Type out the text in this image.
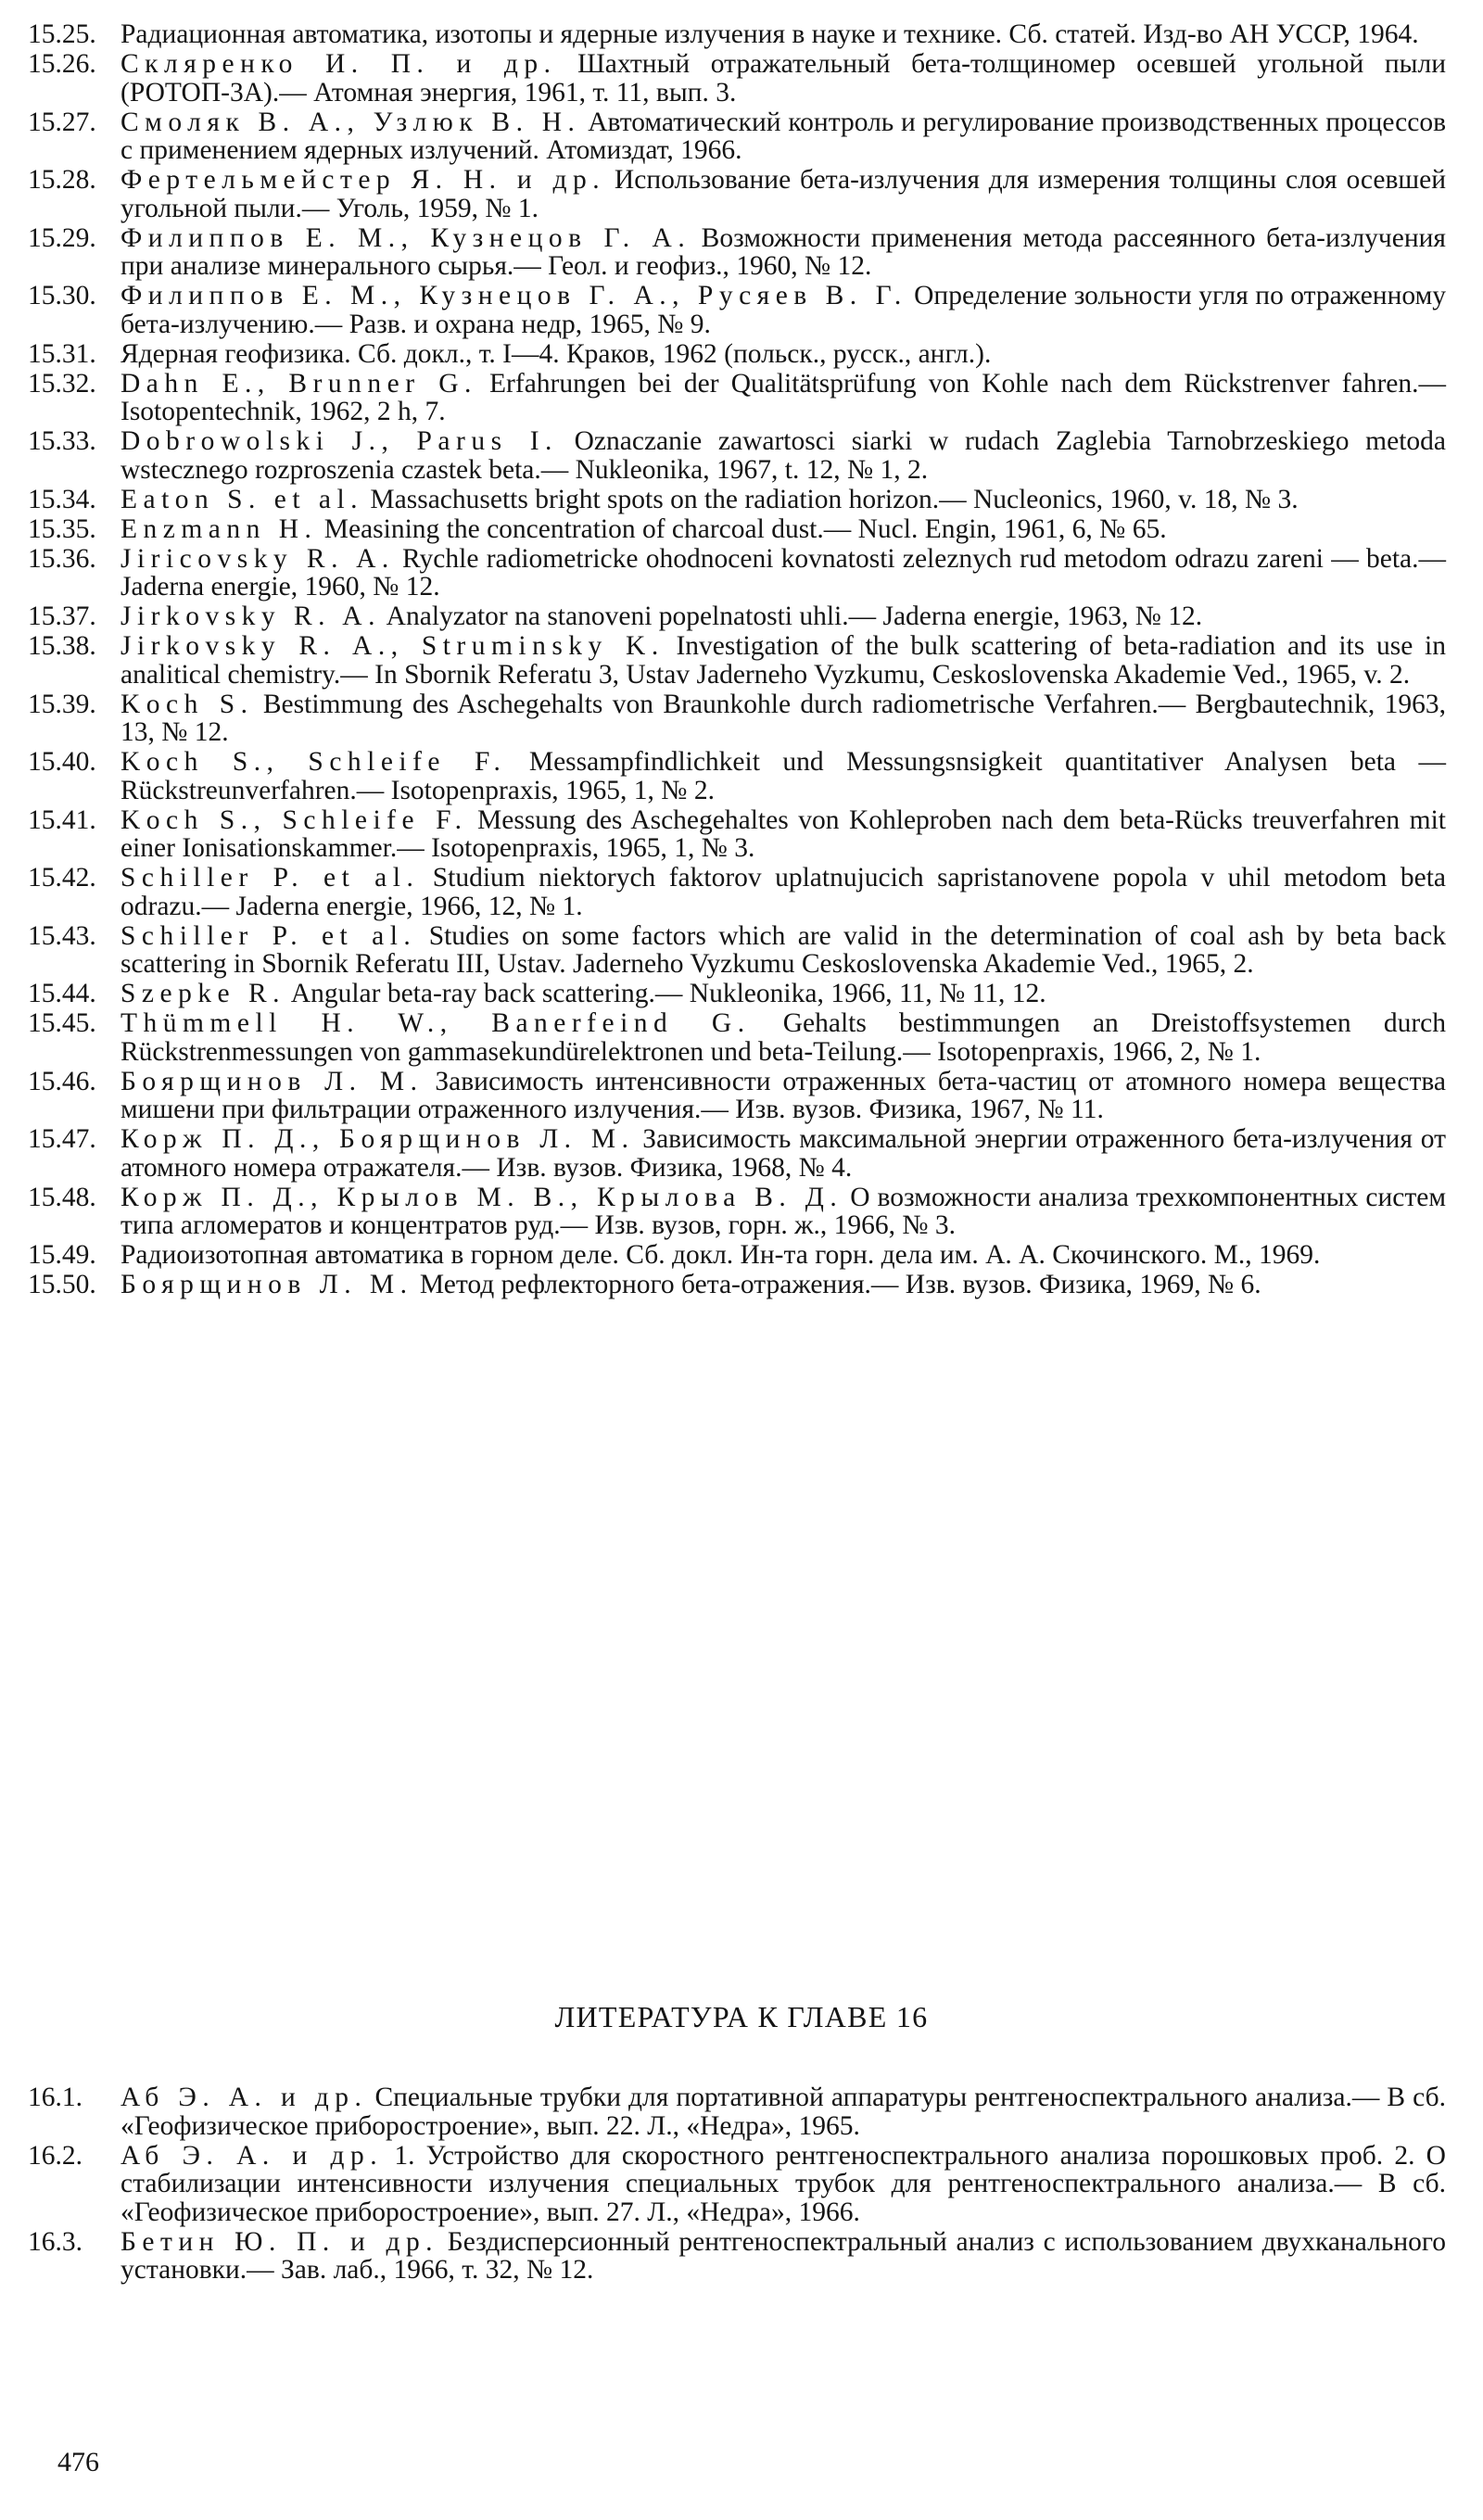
15.25. Радиационная автоматика, изотопы и ядерные излучения в науке и технике. Сб. статей. Изд-во АН УССР, 1964.
15.26. Скляренко И. П. и др. Шахтный отражательный бета-толщиномер осевшей угольной пыли (РОТОП-3А).— Атомная энергия, 1961, т. 11, вып. 3.
15.27. Смоляк В. А., Узлюк В. Н. Автоматический контроль и регулирование производственных процессов с применением ядерных излучений. Атомиздат, 1966.
15.28. Фертельмейстер Я. Н. и др. Использование бета-излучения для измерения толщины слоя осевшей угольной пыли.— Уголь, 1959, № 1.
15.29. Филиппов Е. М., Кузнецов Г. А. Возможности применения метода рассеянного бета-излучения при анализе минерального сырья.— Геол. и геофиз., 1960, № 12.
15.30. Филиппов Е. М., Кузнецов Г. А., Русяев В. Г. Определение зольности угля по отраженному бета-излучению.— Разв. и охрана недр, 1965, № 9.
15.31. Ядерная геофизика. Сб. докл., т. I—4. Краков, 1962 (польск., русск., англ.).
15.32. Dahn E., Brunner G. Erfahrungen bei der Qualitätsprüfung von Kohle nach dem Rückstrenver fahren.— Isotopentechnik, 1962, 2 h, 7.
15.33. Dobrowolski J., Parus I. Oznaczanie zawartosci siarki w rudach Zaglebia Tarnobrzeskiego metoda wstecznego rozproszenia czastek beta.— Nukleonika, 1967, t. 12, № 1, 2.
15.34. Eaton S. et al. Massachusetts bright spots on the radiation horizon.— Nucleonics, 1960, v. 18, № 3.
15.35. Enzmann H. Measining the concentration of charcoal dust.— Nucl. Engin, 1961, 6, № 65.
15.36. Jiricovsky R. A. Rychle radiometricke ohodnoceni kovnatosti zeleznych rud metodom odrazu zareni — beta.— Jaderna energie, 1960, № 12.
15.37. Jirkovsky R. A. Analyzator na stanoveni popelnatosti uhli.— Jaderna energie, 1963, № 12.
15.38. Jirkovsky R. A., Struminsky K. Investigation of the bulk scattering of beta-radiation and its use in analitical chemistry.— In Sbornik Referatu 3, Ustav Jaderneho Vyzkumu, Ceskoslovenska Akademie Ved., 1965, v. 2.
15.39. Koch S. Bestimmung des Aschegehalts von Braunkohle durch radiometrische Verfahren.— Bergbautechnik, 1963, 13, № 12.
15.40. Koch S., Schleife F. Messampfindlichkeit und Messungsnsigkeit quantitativer Analysen beta — Rückstreunverfahren.— Isotopenpraxis, 1965, 1, № 2.
15.41. Koch S., Schleife F. Messung des Aschegehaltes von Kohleproben nach dem beta-Rücks treuverfahren mit einer Ionisationskammer.— Isotopenpraxis, 1965, 1, № 3.
15.42. Schiller P. et al. Studium niektorych faktorov uplatnujucich sapristanovene popola v uhil metodom beta odrazu.— Jaderna energie, 1966, 12, № 1.
15.43. Schiller P. et al. Studies on some factors which are valid in the determination of coal ash by beta back scattering in Sbornik Referatu III, Ustav. Jaderneho Vyzkumu Ceskoslovenska Akademie Ved., 1965, 2.
15.44. Szepke R. Angular beta-ray back scattering.— Nukleonika, 1966, 11, № 11, 12.
15.45. Thümmell H. W., Banerfeind G. Gehalts bestimmungen an Dreistoffsystemen durch Rückstrenmessungen von gammasekundürelektronen und beta-Teilung.— Isotopenpraxis, 1966, 2, № 1.
15.46. Боярщинов Л. М. Зависимость интенсивности отраженных бета-частиц от атомного номера вещества мишени при фильтрации отраженного излучения.— Изв. вузов. Физика, 1967, № 11.
15.47. Корж П. Д., Боярщинов Л. М. Зависимость максимальной энергии отраженного бета-излучения от атомного номера отражателя.— Изв. вузов. Физика, 1968, № 4.
15.48. Корж П. Д., Крылов М. В., Крылова В. Д. О возможности анализа трехкомпонентных систем типа агломератов и концентратов руд.— Изв. вузов, горн. ж., 1966, № 3.
15.49. Радиоизотопная автоматика в горном деле. Сб. докл. Ин-та горн. дела им. А. А. Скочинского. М., 1969.
15.50. Боярщинов Л. М. Метод рефлекторного бета-отражения.— Изв. вузов. Физика, 1969, № 6.
ЛИТЕРАТУРА К ГЛАВЕ 16
16.1.	Аб Э. А. и др. Специальные трубки для портативной аппаратуры рентгеноспектрального анализа.— В сб. «Геофизическое приборостроение», вып. 22. Л., «Недра», 1965.
16.2.	Аб Э. А. и др. 1. Устройство для скоростного рентгеноспектрального анализа порошковых проб. 2. О стабилизации интенсивности излучения специальных трубок для рентгеноспектрального анализа.— В сб. «Геофизическое приборостроение», вып. 27. Л., «Недра», 1966.
16.3.	Бетин Ю. П. и др. Бездисперсионный рентгеноспектральный анализ с использованием двухканального установки.— Зав. лаб., 1966, т. 32, № 12.
476
